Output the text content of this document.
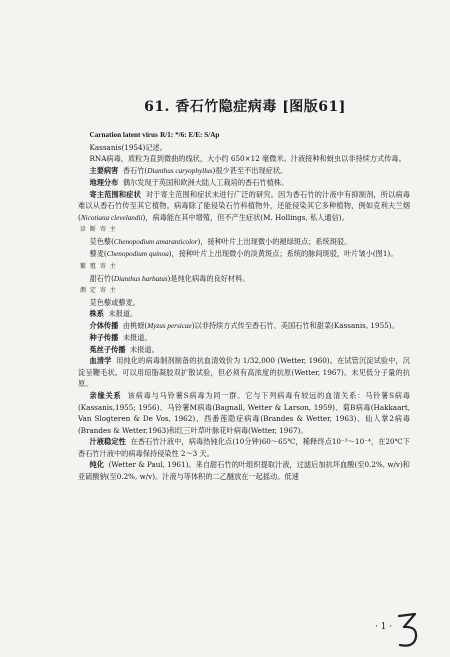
61. 香石竹隐症病毒 [图版61]

Carnation latent virus R/1: */6: E/E: S/Ap

Kassanis(1954)记述。

RNA病毒，质粒为直到微曲的线状，大小约 650×12 毫微米。汁液接种和蚜虫以非持续方式传毒。

主要病害 香石竹(Dianthus caryophyllus)很少甚至不出现症状。

地理分布 偶尔发现于英国和欧洲大陆人工栽培的香石竹植株。

寄主范围和症状 对于寄主范围和症状未进行广泛的研究。因为香石竹的汁液中有抑制剂，所以病毒难以从香石竹传至其它植物。病毒除了能侵染石竹科植物外，还能侵染其它多种植物，例如克利夫兰烟(Nicotiana clevelandii)，病毒能在其中增殖，但不产生症状(M. Hollings, 私人通信)。

诊 断 寄 主

苋色藜(Chenopodium amaranticolor)，接种叶片上出现微小的褪绿斑点；系统斑驳。

藜麦(Chenopodium quinoa)，接种叶片上出现微小的淡黄斑点；系统的脉间斑驳，叶片皱小(图1)。

繁 殖 寄 主

甜石竹(Dianthus barbatus)是纯化病毒的良好材料。

测 定 寄 主

苋色藜或藜麦。

株系 未报道。

介体传播 由桃蚜(Myzus persicae)以非持续方式传至香石竹、美国石竹和甜菜(Kassanis, 1955)。

种子传播 未报道。

菟丝子传播 未报道。

血清学 用纯化的病毒制剂制备的抗血清效价为 1/32,000 (Wetter, 1960)。在试管沉淀试验中，沉淀呈鞭毛状。可以用琼脂凝胶双扩散试验，但必须有高浓度的抗原(Wetter, 1967)。未见低分子量的抗原。

亲缘关系 该病毒与马铃薯S病毒为同一群。它与下列病毒有较远的血清关系：马铃薯S病毒(Kassanis,1955; 1956)、马铃薯M病毒(Bagnall, Wetter & Larson, 1959)、菊B病毒(Hakkaart, Van Slogteren & De Vos, 1962)、西番莲隐症病毒(Brandes & Wetter, 1963)、仙人掌2病毒(Brandes & Wetter,1963)和红三叶草叶脉花叶病毒(Wetter, 1967)。

汁液稳定性 在香石竹汁液中，病毒热钝化点(10分钟)60～65℃，稀释终点10⁻³～10⁻⁴，在20℃下香石竹汁液中的病毒保持侵染性 2～3 天。

纯化 (Wetter & Paul, 1961)。来自甜石竹的叶组织提取汁液，过滤后加抗坏血酸(至0.2%, w/v)和亚硫酸钠(至0.2%, w/v)。汁液与等体积的二乙醚放在一起摇动。低速

· 1 ·
